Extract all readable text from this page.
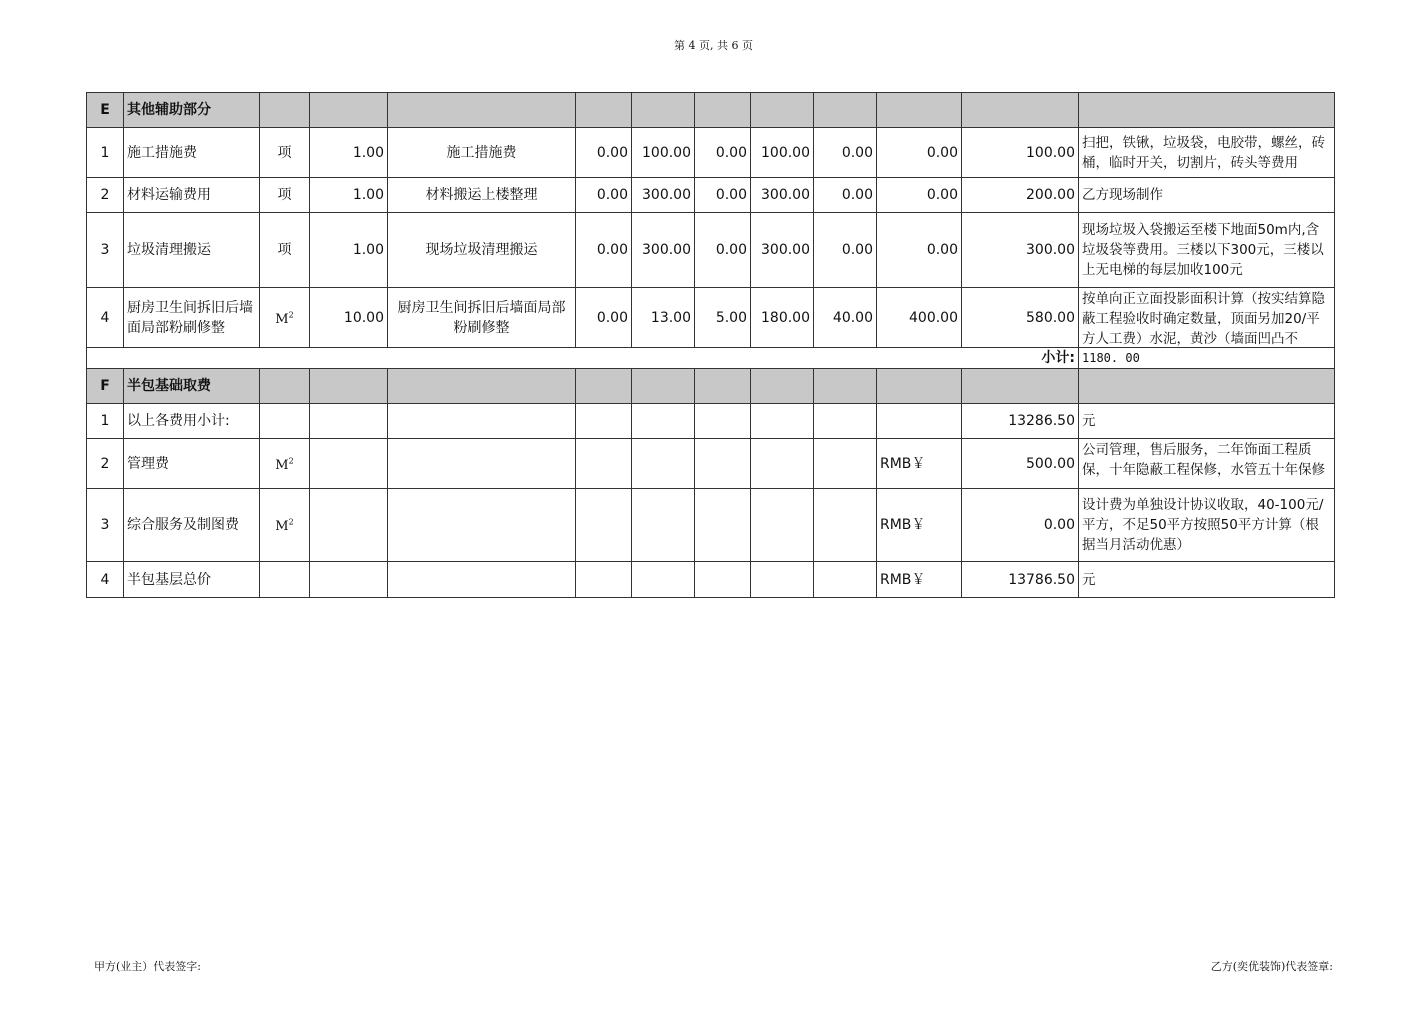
第 4 页, 共 6 页
E	其他辅助部分											
1	施工措施费	项	1.00	施工措施费	0.00	100.00	0.00	100.00	0.00	0.00	100.00	扫把，铁锹，垃圾袋，电胶带，螺丝，砖桶，临时开关，切割片，砖头等费用
2	材料运输费用	项	1.00	材料搬运上楼整理	0.00	300.00	0.00	300.00	0.00	0.00	200.00	乙方现场制作
3	垃圾清理搬运	项	1.00	现场垃圾清理搬运	0.00	300.00	0.00	300.00	0.00	0.00	300.00	现场垃圾入袋搬运至楼下地面50m内,含垃圾袋等费用。三楼以下300元，三楼以上无电梯的每层加收100元
4	厨房卫生间拆旧后墙面局部粉刷修整	$M^2$	10.00	厨房卫生间拆旧后墙面局部粉刷修整	0.00	13.00	5.00	180.00	40.00	400.00	580.00	按单向正立面投影面积计算（按实结算隐蔽工程验收时确定数量，顶面另加20/平方人工费）水泥，黄沙（墙面凹凸不

小计:												1180. 00
F	半包基础取费											
1	以上各费用小计:										13286.50	元
2	管理费	$M^2$								RMB￥	500.00	公司管理，售后服务，二年饰面工程质保，十年隐蔽工程保修，水管五十年保修

3	综合服务及制图费	$M^2$								RMB￥	0.00	设计费为单独设计协议收取，40-100元/平方，不足50平方按照50平方计算（根据当月活动优惠）
4	半包基层总价									RMB￥	13786.50	元
甲方(业主）代表签字:	乙方(奕优装饰)代表签章:
